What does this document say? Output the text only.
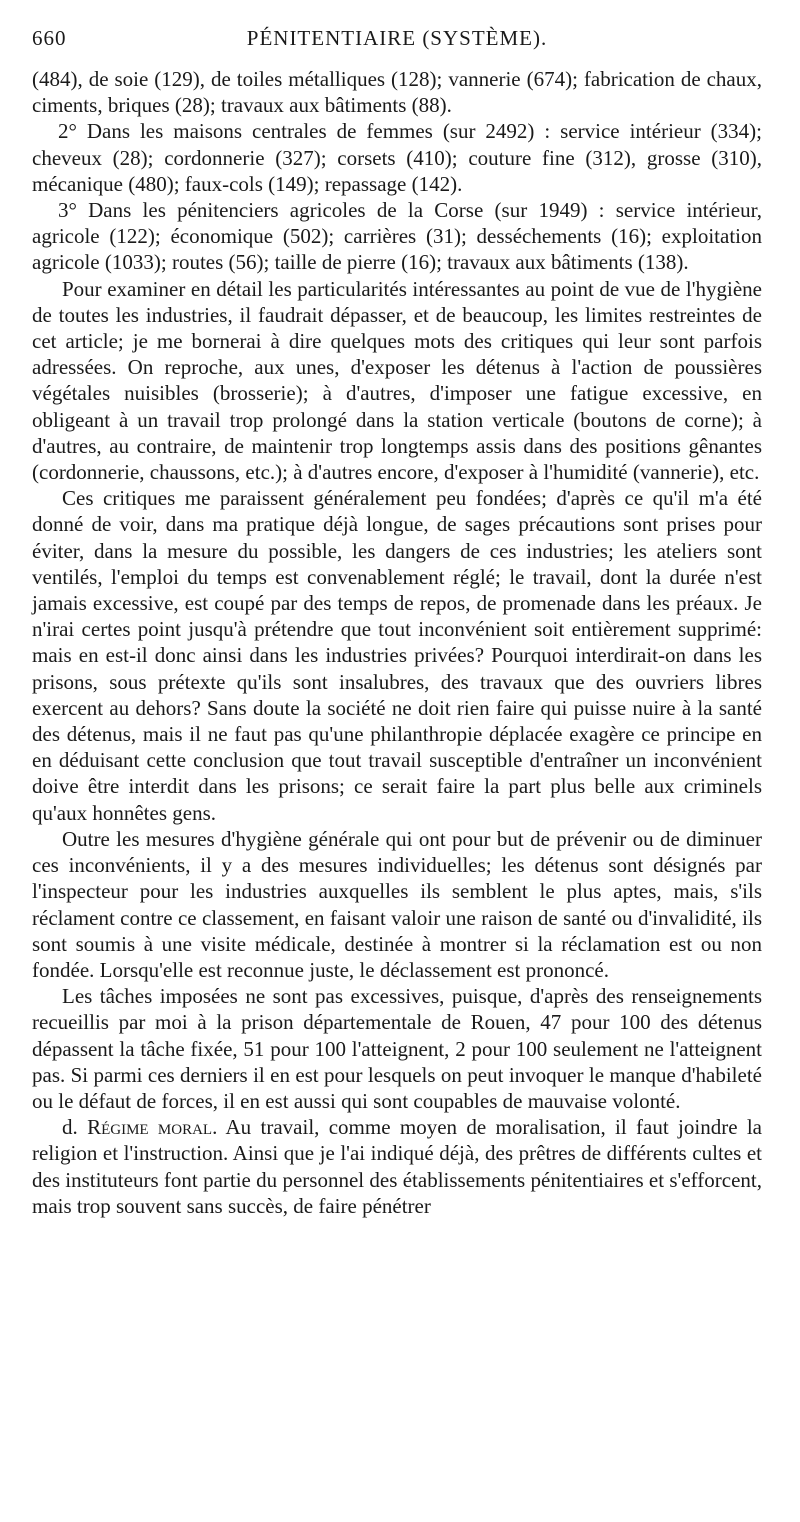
660	PÉNITENTIAIRE (SYSTÈME).

(484), de soie (129), de toiles métalliques (128); vannerie (674); fabrication de chaux, ciments, briques (28); travaux aux bâtiments (88).

2° Dans les maisons centrales de femmes (sur 2492) : service intérieur (334); cheveux (28); cordonnerie (327); corsets (410); couture fine (312), grosse (310), mécanique (480); faux-cols (149); repassage (142).

3° Dans les pénitenciers agricoles de la Corse (sur 1949) : service intérieur, agricole (122); économique (502); carrières (31); desséchements (16); exploitation agricole (1033); routes (56); taille de pierre (16); travaux aux bâtiments (138).

Pour examiner en détail les particularités intéressantes au point de vue de l'hygiène de toutes les industries, il faudrait dépasser, et de beaucoup, les limites restreintes de cet article; je me bornerai à dire quelques mots des critiques qui leur sont parfois adressées. On reproche, aux unes, d'exposer les détenus à l'action de poussières végétales nuisibles (brosserie); à d'autres, d'imposer une fatigue excessive, en obligeant à un travail trop prolongé dans la station verticale (boutons de corne); à d'autres, au contraire, de maintenir trop longtemps assis dans des positions gênantes (cordonnerie, chaussons, etc.); à d'autres encore, d'exposer à l'humidité (vannerie), etc.

Ces critiques me paraissent généralement peu fondées; d'après ce qu'il m'a été donné de voir, dans ma pratique déjà longue, de sages précautions sont prises pour éviter, dans la mesure du possible, les dangers de ces industries; les ateliers sont ventilés, l'emploi du temps est convenablement réglé; le travail, dont la durée n'est jamais excessive, est coupé par des temps de repos, de promenade dans les préaux. Je n'irai certes point jusqu'à prétendre que tout inconvénient soit entièrement supprimé: mais en est-il donc ainsi dans les industries privées? Pourquoi interdirait-on dans les prisons, sous prétexte qu'ils sont insalubres, des travaux que des ouvriers libres exercent au dehors? Sans doute la société ne doit rien faire qui puisse nuire à la santé des détenus, mais il ne faut pas qu'une philanthropie déplacée exagère ce principe en en déduisant cette conclusion que tout travail susceptible d'entraîner un inconvénient doive être interdit dans les prisons; ce serait faire la part plus belle aux criminels qu'aux honnêtes gens.

Outre les mesures d'hygiène générale qui ont pour but de prévenir ou de diminuer ces inconvénients, il y a des mesures individuelles; les détenus sont désignés par l'inspecteur pour les industries auxquelles ils semblent le plus aptes, mais, s'ils réclament contre ce classement, en faisant valoir une raison de santé ou d'invalidité, ils sont soumis à une visite médicale, destinée à montrer si la réclamation est ou non fondée. Lorsqu'elle est reconnue juste, le déclassement est prononcé.

Les tâches imposées ne sont pas excessives, puisque, d'après des renseignements recueillis par moi à la prison départementale de Rouen, 47 pour 100 des détenus dépassent la tâche fixée, 51 pour 100 l'atteignent, 2 pour 100 seulement ne l'atteignent pas. Si parmi ces derniers il en est pour lesquels on peut invoquer le manque d'habileté ou le défaut de forces, il en est aussi qui sont coupables de mauvaise volonté.

d. Régime moral. Au travail, comme moyen de moralisation, il faut joindre la religion et l'instruction. Ainsi que je l'ai indiqué déjà, des prêtres de différents cultes et des instituteurs font partie du personnel des établissements pénitentiaires et s'efforcent, mais trop souvent sans succès, de faire pénétrer
